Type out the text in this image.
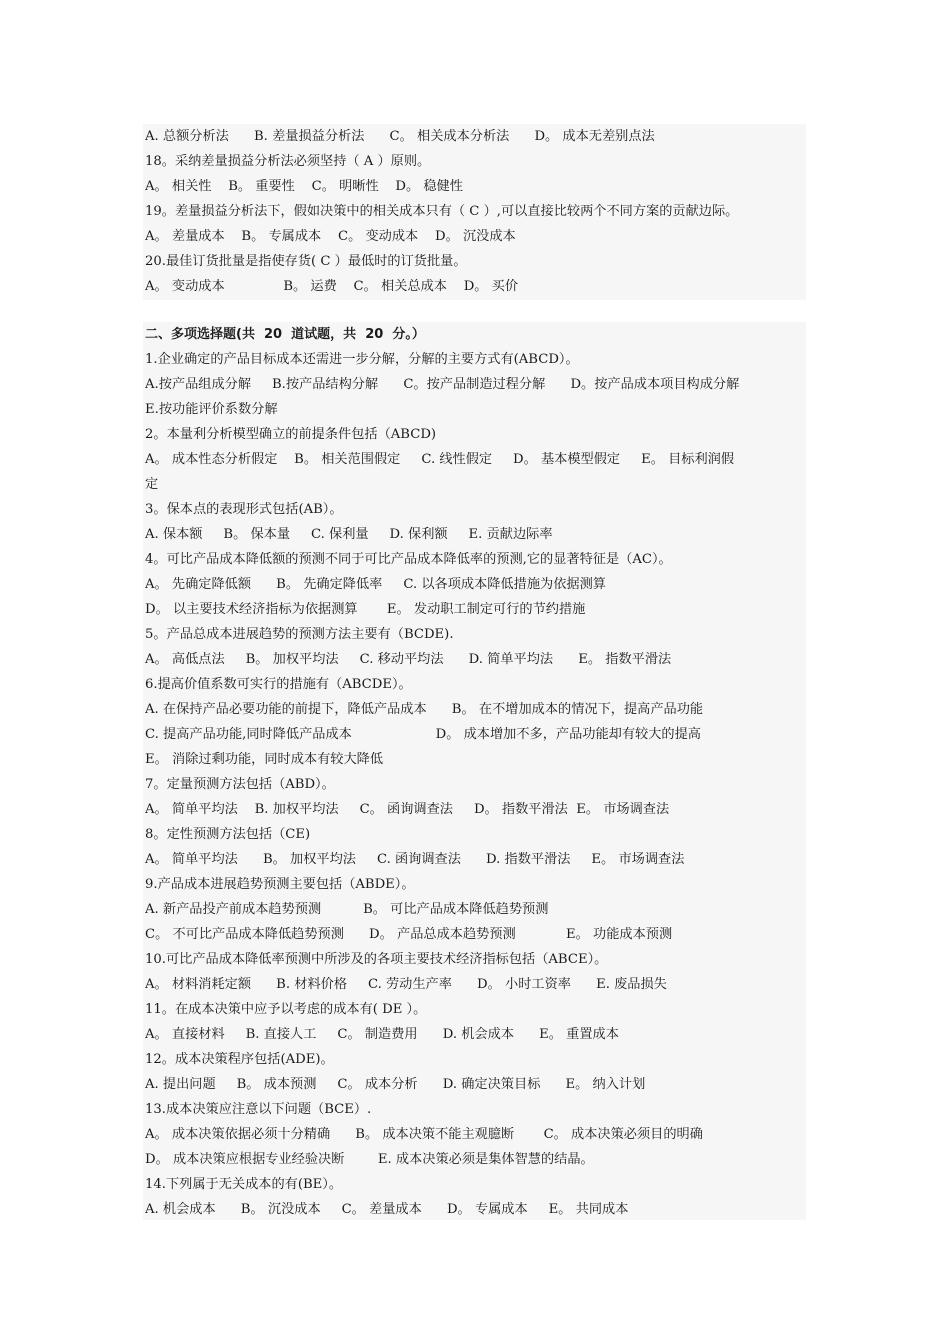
A. 总额分析法      B. 差量损益分析法      C。 相关成本分析法      D。 成本无差别点法
18。采纳差量损益分析法必须坚持（ A ）原则。
A。 相关性    B。 重要性    C。 明晰性    D。 稳健性
19。差量损益分析法下，假如决策中的相关成本只有（ C ）,可以直接比较两个不同方案的贡献边际。
A。 差量成本    B。 专属成本    C。 变动成本    D。 沉没成本
20.最佳订货批量是指使存货( C ）最低时的订货批量。
A。 变动成本              B。 运费    C。 相关总成本    D。 买价
二、多项选择题(共  20  道试题，共  20  分。）
1.企业确定的产品目标成本还需进一步分解，分解的主要方式有(ABCD）。
A.按产品组成分解     B.按产品结构分解      C。按产品制造过程分解      D。按产品成本项目构成分解
E.按功能评价系数分解
2。本量利分析模型确立的前提条件包括（ABCD)
A。 成本性态分析假定    B。 相关范围假定     C. 线性假定     D。 基本模型假定     E。 目标利润假
定
3。保本点的表现形式包括(AB）。
A. 保本额     B。 保本量     C. 保利量     D. 保利额     E. 贡献边际率
4。可比产品成本降低额的预测不同于可比产品成本降低率的预测,它的显著特征是（AC）。
A。 先确定降低额      B。 先确定降低率     C. 以各项成本降低措施为依据测算
D。 以主要技术经济指标为依据测算       E。 发动职工制定可行的节约措施
5。产品总成本进展趋势的预测方法主要有（BCDE).
A。 高低点法     B。 加权平均法     C. 移动平均法      D. 简单平均法      E。 指数平滑法
6.提高价值系数可实行的措施有（ABCDE）。
A. 在保持产品必要功能的前提下，降低产品成本      B。 在不增加成本的情况下，提高产品功能
C. 提高产品功能,同时降低产品成本                    D。 成本增加不多，产品功能却有较大的提高
E。 消除过剩功能，同时成本有较大降低
7。定量预测方法包括（ABD）。
A。 简单平均法    B. 加权平均法     C。 函询调查法     D。 指数平滑法  E。 市场调查法
8。定性预测方法包括（CE)
A。 简单平均法      B。 加权平均法     C. 函询调查法      D. 指数平滑法     E。 市场调查法
9.产品成本进展趋势预测主要包括（ABDE）。
A. 新产品投产前成本趋势预测          B。 可比产品成本降低趋势预测
C。 不可比产品成本降低趋势预测      D。 产品总成本趋势预测            E。 功能成本预测
10.可比产品成本降低率预测中所涉及的各项主要技术经济指标包括（ABCE）。
A。 材料消耗定额      B. 材料价格     C. 劳动生产率      D。 小时工资率      E. 废品损失
11。在成本决策中应予以考虑的成本有( DE ）。
A。 直接材料     B. 直接人工     C。 制造费用      D. 机会成本      E。 重置成本
12。成本决策程序包括(ADE)。
A. 提出问题     B。 成本预测     C。 成本分析      D. 确定决策目标      E。 纳入计划
13.成本决策应注意以下问题（BCE）.
A。 成本决策依据必须十分精确      B。 成本决策不能主观臆断       C。 成本决策必须目的明确
D。 成本决策应根据专业经验决断        E. 成本决策必须是集体智慧的结晶。
14.下列属于无关成本的有(BE）。
A. 机会成本      B。 沉没成本     C。 差量成本      D。 专属成本     E。 共同成本
